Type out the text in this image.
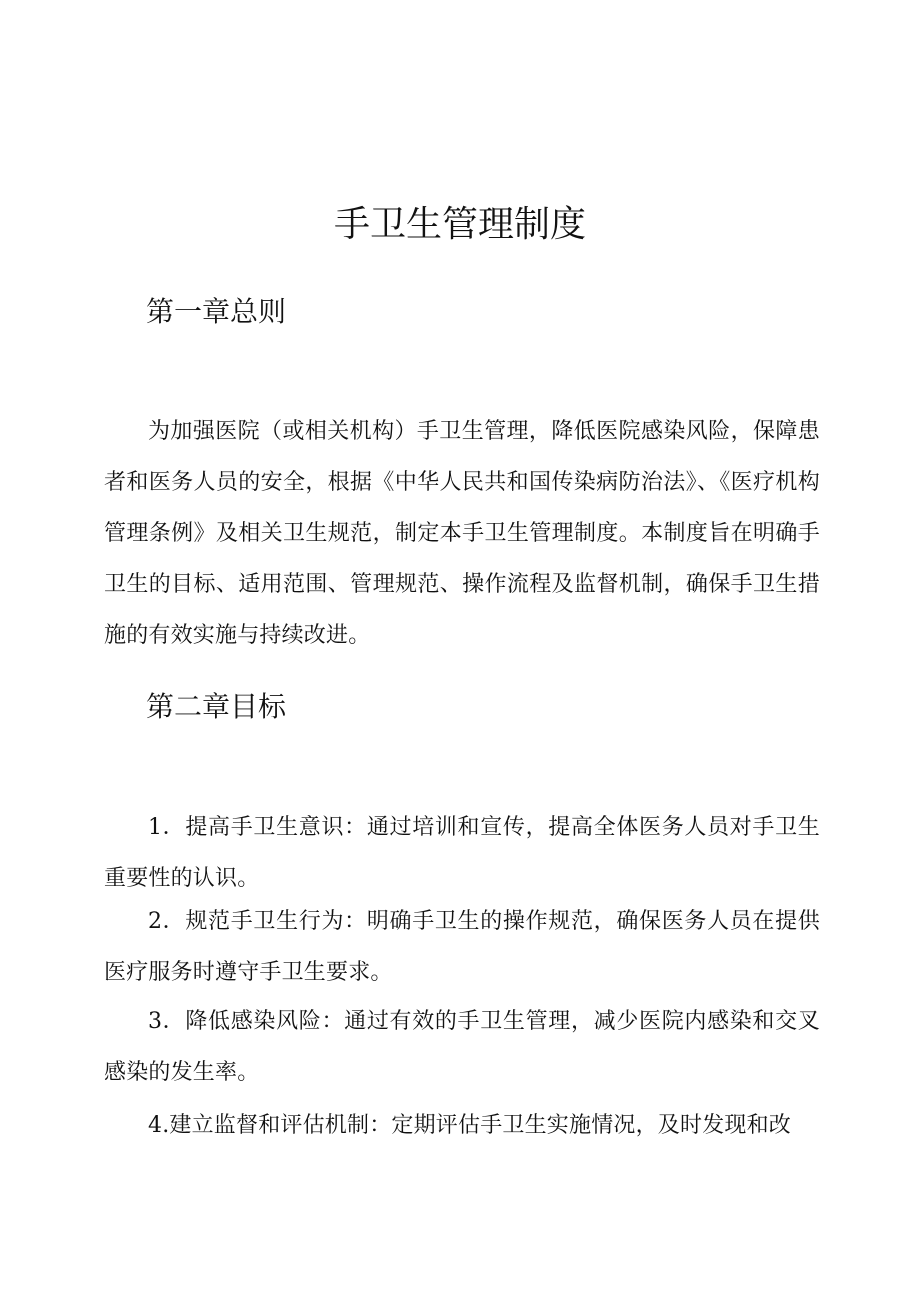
手卫生管理制度
第一章总则

为加强医院（或相关机构）手卫生管理，降低医院感染风险，保障患者和医务人员的安全，根据《中华人民共和国传染病防治法》、《医疗机构管理条例》及相关卫生规范，制定本手卫生管理制度。本制度旨在明确手卫生的目标、适用范围、管理规范、操作流程及监督机制，确保手卫生措施的有效实施与持续改进。

第二章目标

1．提高手卫生意识：通过培训和宣传，提高全体医务人员对手卫生重要性的认识。

2．规范手卫生行为：明确手卫生的操作规范，确保医务人员在提供医疗服务时遵守手卫生要求。

3．降低感染风险：通过有效的手卫生管理，减少医院内感染和交叉感染的发生率。

4.建立监督和评估机制：定期评估手卫生实施情况，及时发现和改
